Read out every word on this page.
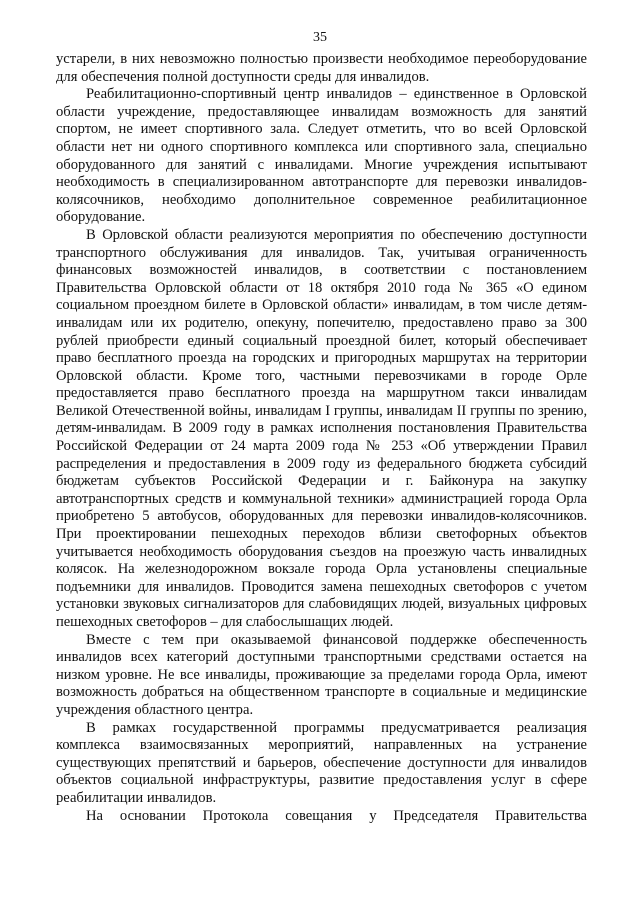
35

устарели, в них невозможно полностью произвести необходимое переоборудование для обеспечения полной доступности среды для инвалидов.

Реабилитационно-спортивный центр инвалидов – единственное в Орловской области учреждение, предоставляющее инвалидам возможность для занятий спортом, не имеет спортивного зала. Следует отметить, что во всей Орловской области нет ни одного спортивного комплекса или спортивного зала, специально оборудованного для занятий с инвалидами. Многие учреждения испытывают необходимость в специализированном автотранспорте для перевозки инвалидов-колясочников, необходимо дополнительное современное реабилитационное оборудование.

В Орловской области реализуются мероприятия по обеспечению доступности транспортного обслуживания для инвалидов. Так, учитывая ограниченность финансовых возможностей инвалидов, в соответствии с постановлением Правительства Орловской области от 18 октября 2010 года № 365 «О едином социальном проездном билете в Орловской области» инвалидам, в том числе детям-инвалидам или их родителю, опекуну, попечителю, предоставлено право за 300 рублей приобрести единый социальный проездной билет, который обеспечивает право бесплатного проезда на городских и пригородных маршрутах на территории Орловской области. Кроме того, частными перевозчиками в городе Орле предоставляется право бесплатного проезда на маршрутном такси инвалидам Великой Отечественной войны, инвалидам I группы, инвалидам II группы по зрению, детям-инвалидам. В 2009 году в рамках исполнения постановления Правительства Российской Федерации от 24 марта 2009 года № 253 «Об утверждении Правил распределения и предоставления в 2009 году из федерального бюджета субсидий бюджетам субъектов Российской Федерации и г. Байконура на закупку автотранспортных средств и коммунальной техники» администрацией города Орла приобретено 5 автобусов, оборудованных для перевозки инвалидов-колясочников. При проектировании пешеходных переходов вблизи светофорных объектов учитывается необходимость оборудования съездов на проезжую часть инвалидных колясок. На железнодорожном вокзале города Орла установлены специальные подъемники для инвалидов. Проводится замена пешеходных светофоров с учетом установки звуковых сигнализаторов для слабовидящих людей, визуальных цифровых пешеходных светофоров – для слабослышащих людей.

Вместе с тем при оказываемой финансовой поддержке обеспеченность инвалидов всех категорий доступными транспортными средствами остается на низком уровне. Не все инвалиды, проживающие за пределами города Орла, имеют возможность добраться на общественном транспорте в социальные и медицинские учреждения областного центра.

В рамках государственной программы предусматривается реализация комплекса взаимосвязанных мероприятий, направленных на устранение существующих препятствий и барьеров, обеспечение доступности для инвалидов объектов социальной инфраструктуры, развитие предоставления услуг в сфере реабилитации инвалидов.

На основании Протокола совещания у Председателя Правительства
